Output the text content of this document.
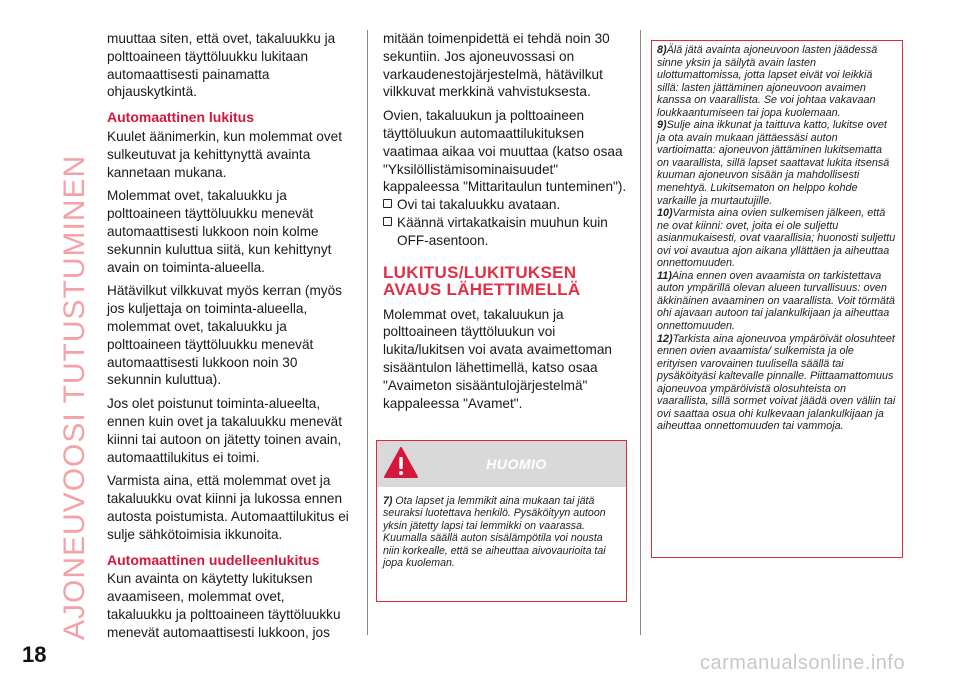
AJONEUVOOSI TUTUSTUMINEN

muuttaa siten, että ovet, takaluukku ja polttoaineen täyttöluukku lukitaan automaattisesti painamatta ohjauskytkintä.

Automaattinen lukitus

Kuulet äänimerkin, kun molemmat ovet sulkeutuvat ja kehittynyttä avainta kannetaan mukana.

Molemmat ovet, takaluukku ja polttoaineen täyttöluukku menevät automaattisesti lukkoon noin kolme sekunnin kuluttua siitä, kun kehittynyt avain on toiminta-alueella.

Hätävilkut vilkkuvat myös kerran (myös jos kuljettaja on toiminta-alueella, molemmat ovet, takaluukku ja polttoaineen täyttöluukku menevät automaattisesti lukkoon noin 30 sekunnin kuluttua).

Jos olet poistunut toiminta-alueelta, ennen kuin ovet ja takaluukku menevät kiinni tai autoon on jätetty toinen avain, automaattilukitus ei toimi.

Varmista aina, että molemmat ovet ja takaluukku ovat kiinni ja lukossa ennen autosta poistumista. Automaattilukitus ei sulje sähkötoimisia ikkunoita.

Automaattinen uudelleenlukitus

Kun avainta on käytetty lukituksen avaamiseen, molemmat ovet, takaluukku ja polttoaineen täyttöluukku menevät automaattisesti lukkoon, jos

mitään toimenpidettä ei tehdä noin 30 sekuntiin. Jos ajoneuvossasi on varkaudenestojärjestelmä, hätävilkut vilkkuvat merkkinä vahvistuksesta.

Ovien, takaluukun ja polttoaineen täyttöluukun automaattilukituksen vaatimaa aikaa voi muuttaa (katso osaa "Yksilöllistämisominaisuudet" kappaleessa "Mittaritaulun tunteminen").

Ovi tai takaluukku avataan.
Käännä virtakatkaisin muuhun kuin OFF-asentoon.
LUKITUS/LUKITUKSEN AVAUS LÄHETTIMELLÄ

Molemmat ovet, takaluukun ja polttoaineen täyttöluukun voi lukita/lukitsen voi avata avaimettoman sisääntulon lähettimellä, katso osaa "Avaimeton sisääntulojärjestelmä" kappaleessa "Avamet".

HUOMIO
7) Ota lapset ja lemmikit aina mukaan tai jätä seuraksi luotettava henkilö. Pysäköityyn autoon yksin jätetty lapsi tai lemmikki on vaarassa. Kuumalla säällä auton sisälämpötila voi nousta niin korkealle, että se aiheuttaa aivovaurioita tai jopa kuoleman.

8)Älä jätä avainta ajoneuvoon lasten jäädessä sinne yksin ja säilytä avain lasten ulottumattomissa, jotta lapset eivät voi leikkiä sillä: lasten jättäminen ajoneuvoon avaimen kanssa on vaarallista. Se voi johtaa vakavaan loukkaantumiseen tai jopa kuolemaan.

9)Sulje aina ikkunat ja taittuva katto, lukitse ovet ja ota avain mukaan jättäessäsi auton vartioimatta: ajoneuvon jättäminen lukitsematta on vaarallista, sillä lapset saattavat lukita itsensä kuuman ajoneuvon sisään ja mahdollisesti menehtyä. Lukitsematon on helppo kohde varkaille ja murtautujille.

10)Varmista aina ovien sulkemisen jälkeen, että ne ovat kiinni: ovet, joita ei ole suljettu asianmukaisesti, ovat vaarallisia; huonosti suljettu ovi voi avautua ajon aikana yllättäen ja aiheuttaa onnettomuuden.

11)Aina ennen oven avaamista on tarkistettava auton ympärillä olevan alueen turvallisuus: oven äkkinäinen avaaminen on vaarallista. Voit törmätä ohi ajavaan autoon tai jalankulkijaan ja aiheuttaa onnettomuuden.

12)Tarkista aina ajoneuvoa ympäröivät olosuhteet ennen ovien avaamista/ sulkemista ja ole erityisen varovainen tuulisella säällä tai pysäköityäsi kaltevalle pinnalle. Piittaamattomuus ajoneuvoa ympäröivistä olosuhteista on vaarallista, sillä sormet voivat jäädä oven väliin tai ovi saattaa osua ohi kulkevaan jalankulkijaan ja aiheuttaa onnettomuuden tai vammoja.

18	carmanualsonline.info
